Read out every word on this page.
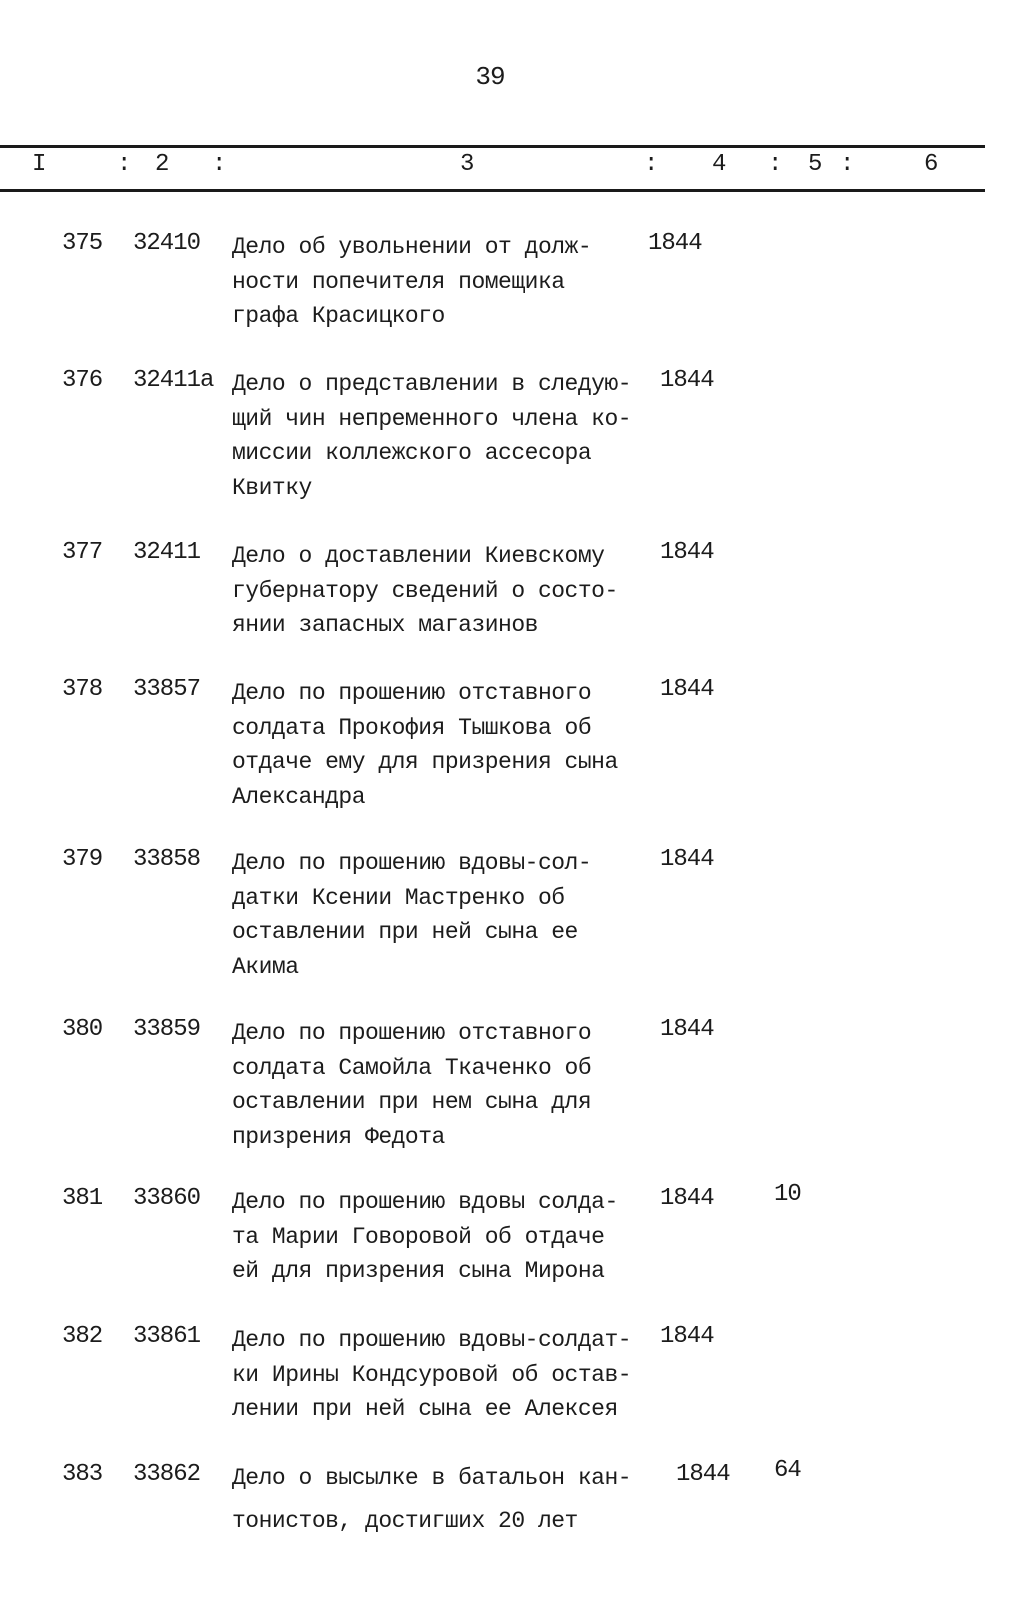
39
I	: 2 :	3	: 4 : 5 :	6
375 32410 Дело об увольнении от долж-
ности попечителя помещика
графа Красицкого
1844
376 32411а Дело о представлении в следую-
щий чин непременного члена ко-
миссии коллежского ассесора
Квитку
1844
377 32411 Дело о доставлении Киевскому
губернатору сведений о состо-
янии запасных магазинов
1844
378 33857 Дело по прошению отставного
солдата Прокофия Тышкова об
отдаче ему для призрения сына
Александра
1844
379 33858 Дело по прошению вдовы-сол-
датки Ксении Мастренко об
оставлении при ней сына ее
Акима
1844
380 33859 Дело по прошению отставного
солдата Самойла Ткаченко об
оставлении при нем сына для
призрения Федота
1844
381 33860 Дело по прошению вдовы солда-
та Марии Говоровой об отдаче
ей для призрения сына Мирона
1844	10
382 33861 Дело по прошению вдовы-солдат-
ки Ирины Кондсуровой об остав-
лении при ней сына ее Алексея
1844
383 33862 Дело о высылке в батальон кан-
тонистов, достигших 20 лет
1844 64
